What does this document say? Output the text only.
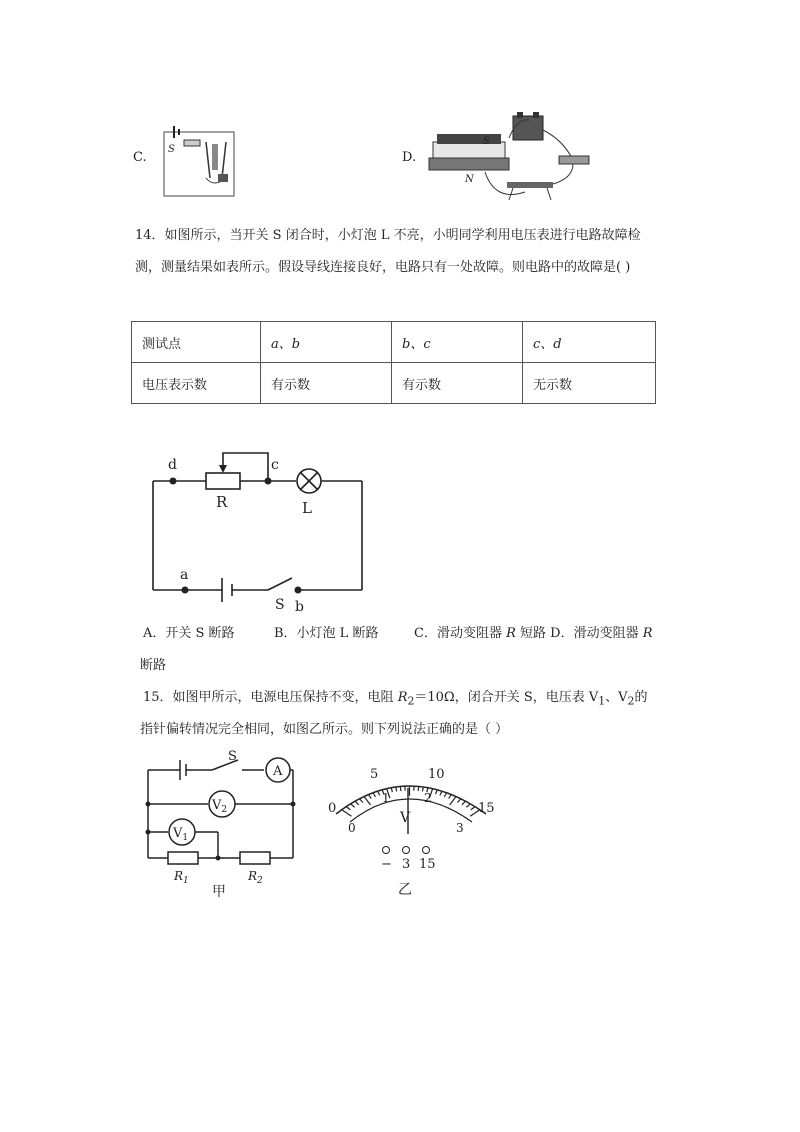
C.
S
D.
S
N
14．如图所示，当开关 S 闭合时，小灯泡 L 不亮，小明同学利用电压表进行电路故障检
测，测量结果如表所示。假设导线连接良好，电路只有一处故障。则电路中的故障是( )
测试点	a、b	b、c	c、d
电压表示数	有示数	有示数	无示数
d	c
R	L
a
S b
A．开关 S 断路	B．小灯泡 L 断路	C．滑动变阻器 R 短路 D．滑动变阻器 R
断路
15．如图甲所示，电源电压保持不变，电阻 $R_2=10\Omega$，闭合开关 S，电压表 $V_1$、$V_2$的
指针偏转情况完全相同，如图乙所示。则下列说法正确的是（ ）
S
A
$V_2$
$V_1$
$R_1$	$R_2$
甲
0
5	10
15
0
1	2
3
V
− 3 15
乙
